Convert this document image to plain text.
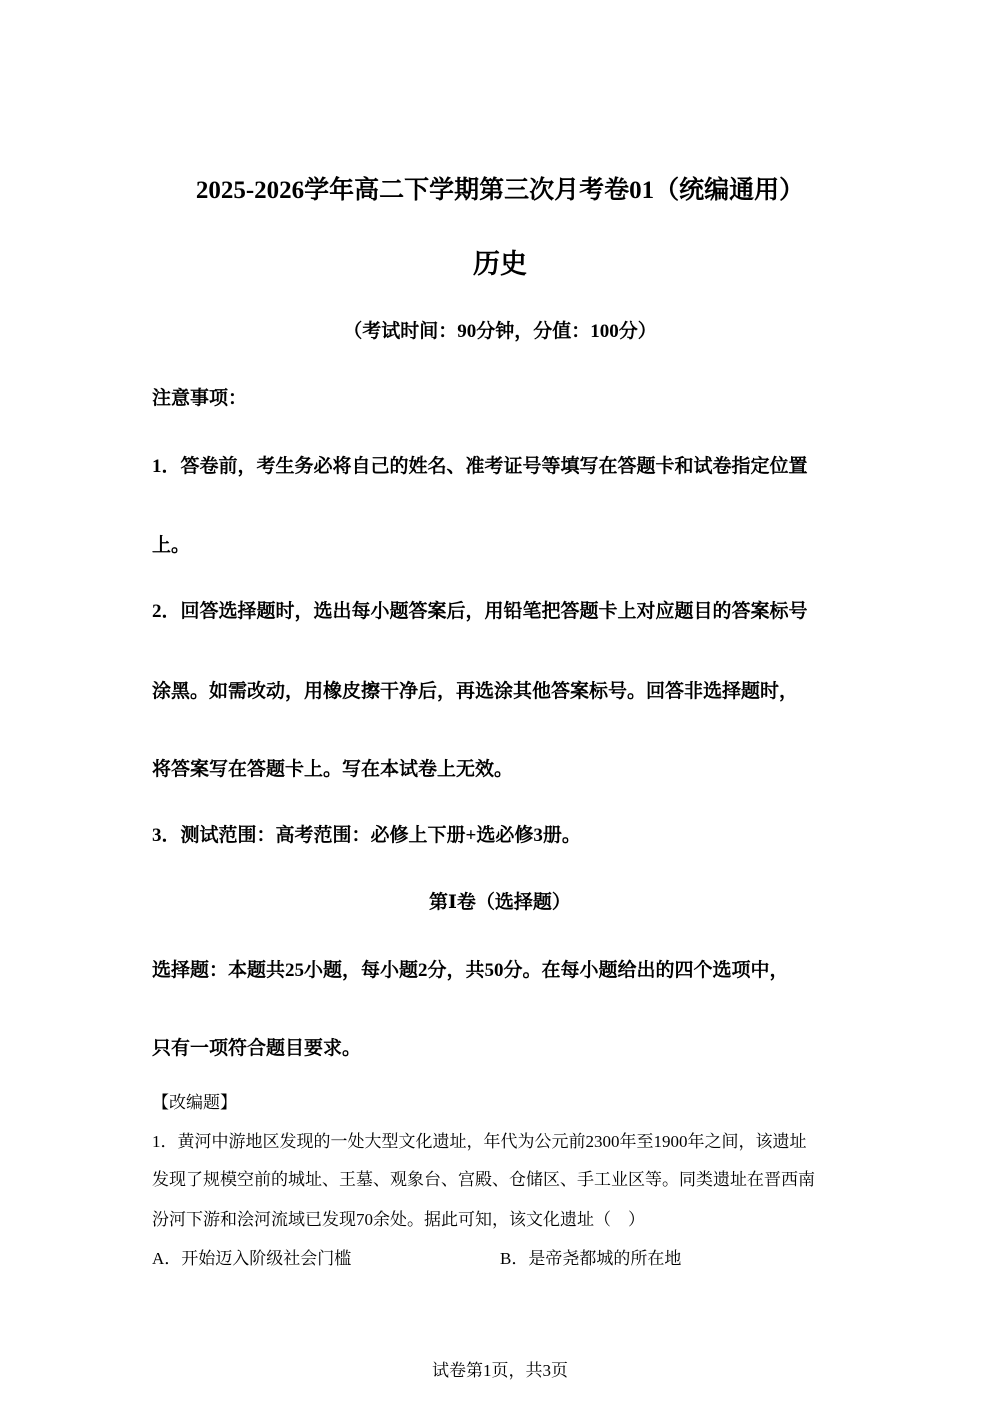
2025-2026学年高二下学期第三次月考卷01（统编通用）
历史
（考试时间：90分钟，分值：100分）
注意事项：
1．答卷前，考生务必将自己的姓名、准考证号等填写在答题卡和试卷指定位置
上。
2．回答选择题时，选出每小题答案后，用铅笔把答题卡上对应题目的答案标号
涂黑。如需改动，用橡皮擦干净后，再选涂其他答案标号。回答非选择题时，
将答案写在答题卡上。写在本试卷上无效。
3．测试范围：高考范围：必修上下册+选必修3册。
第Ⅰ卷（选择题）
选择题：本题共25小题，每小题2分，共50分。在每小题给出的四个选项中，
只有一项符合题目要求。
【改编题】
1．黄河中游地区发现的一处大型文化遗址，年代为公元前2300年至1900年之间，该遗址
发现了规模空前的城址、王墓、观象台、宫殿、仓储区、手工业区等。同类遗址在晋西南
汾河下游和浍河流域已发现70余处。据此可知，该文化遗址（　）
A．开始迈入阶级社会门槛	B．是帝尧都城的所在地
试卷第1页，共3页
